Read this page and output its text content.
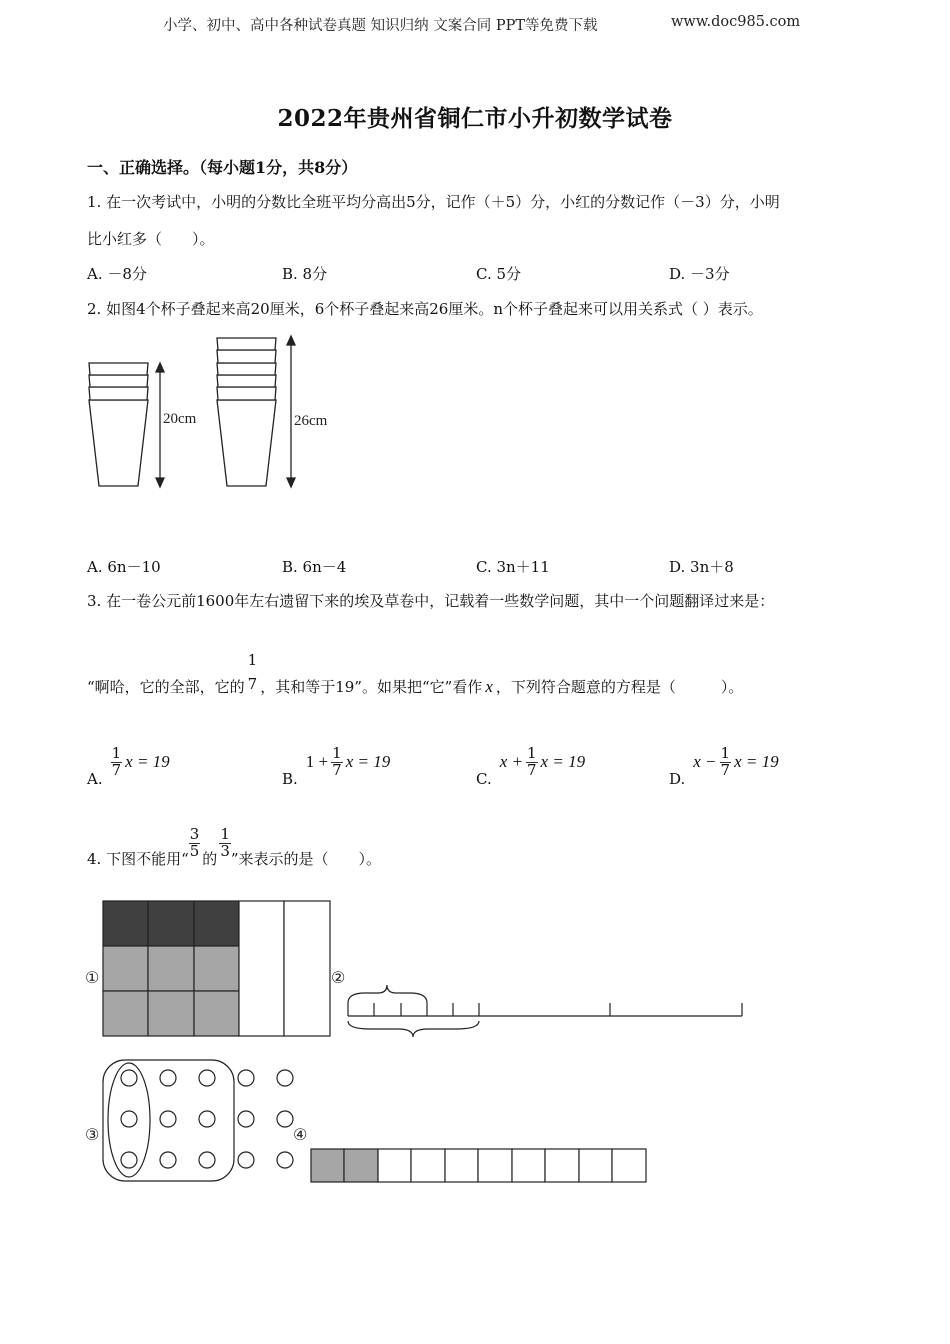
小学、初中、高中各种试卷真题 知识归纳 文案合同 PPT等免费下载	www.doc985.com
2022年贵州省铜仁市小升初数学试卷
一、正确选择。（每小题1分，共8分）
1. 在一次考试中，小明的分数比全班平均分高出5分，记作（＋5）分，小红的分数记作（－3）分，小明
比小红多（　　）。
A. －8分	B. 8分	C. 5分	D. －3分
2. 如图4个杯子叠起来高20厘米，6个杯子叠起来高26厘米。n个杯子叠起来可以用关系式（ ）表示。
20cm	26cm
A. 6n－10	B. 6n－4	C. 3n＋11	D. 3n＋8
3. 在一卷公元前1600年左右遗留下来的埃及草卷中，记载着一些数学问题，其中一个问题翻译过来是：
“啊哈，它的全部，它的
1
7 ，其和等于19”。如果把“它”看作 x ，下列符合题意的方程是（　　　）。
A.
$\frac{1}{7}$ x = 19
B.
$1 + \frac{1}{7}$ x = 19
C.
$x + \frac{1}{7}$ x = 19
D.
$x - \frac{1}{7}$ x = 19
4. 下图不能用“ $\frac{3}{5}$ 的 $\frac{1}{3}$ ”来表示的是（　　）。
①	②
③	④
